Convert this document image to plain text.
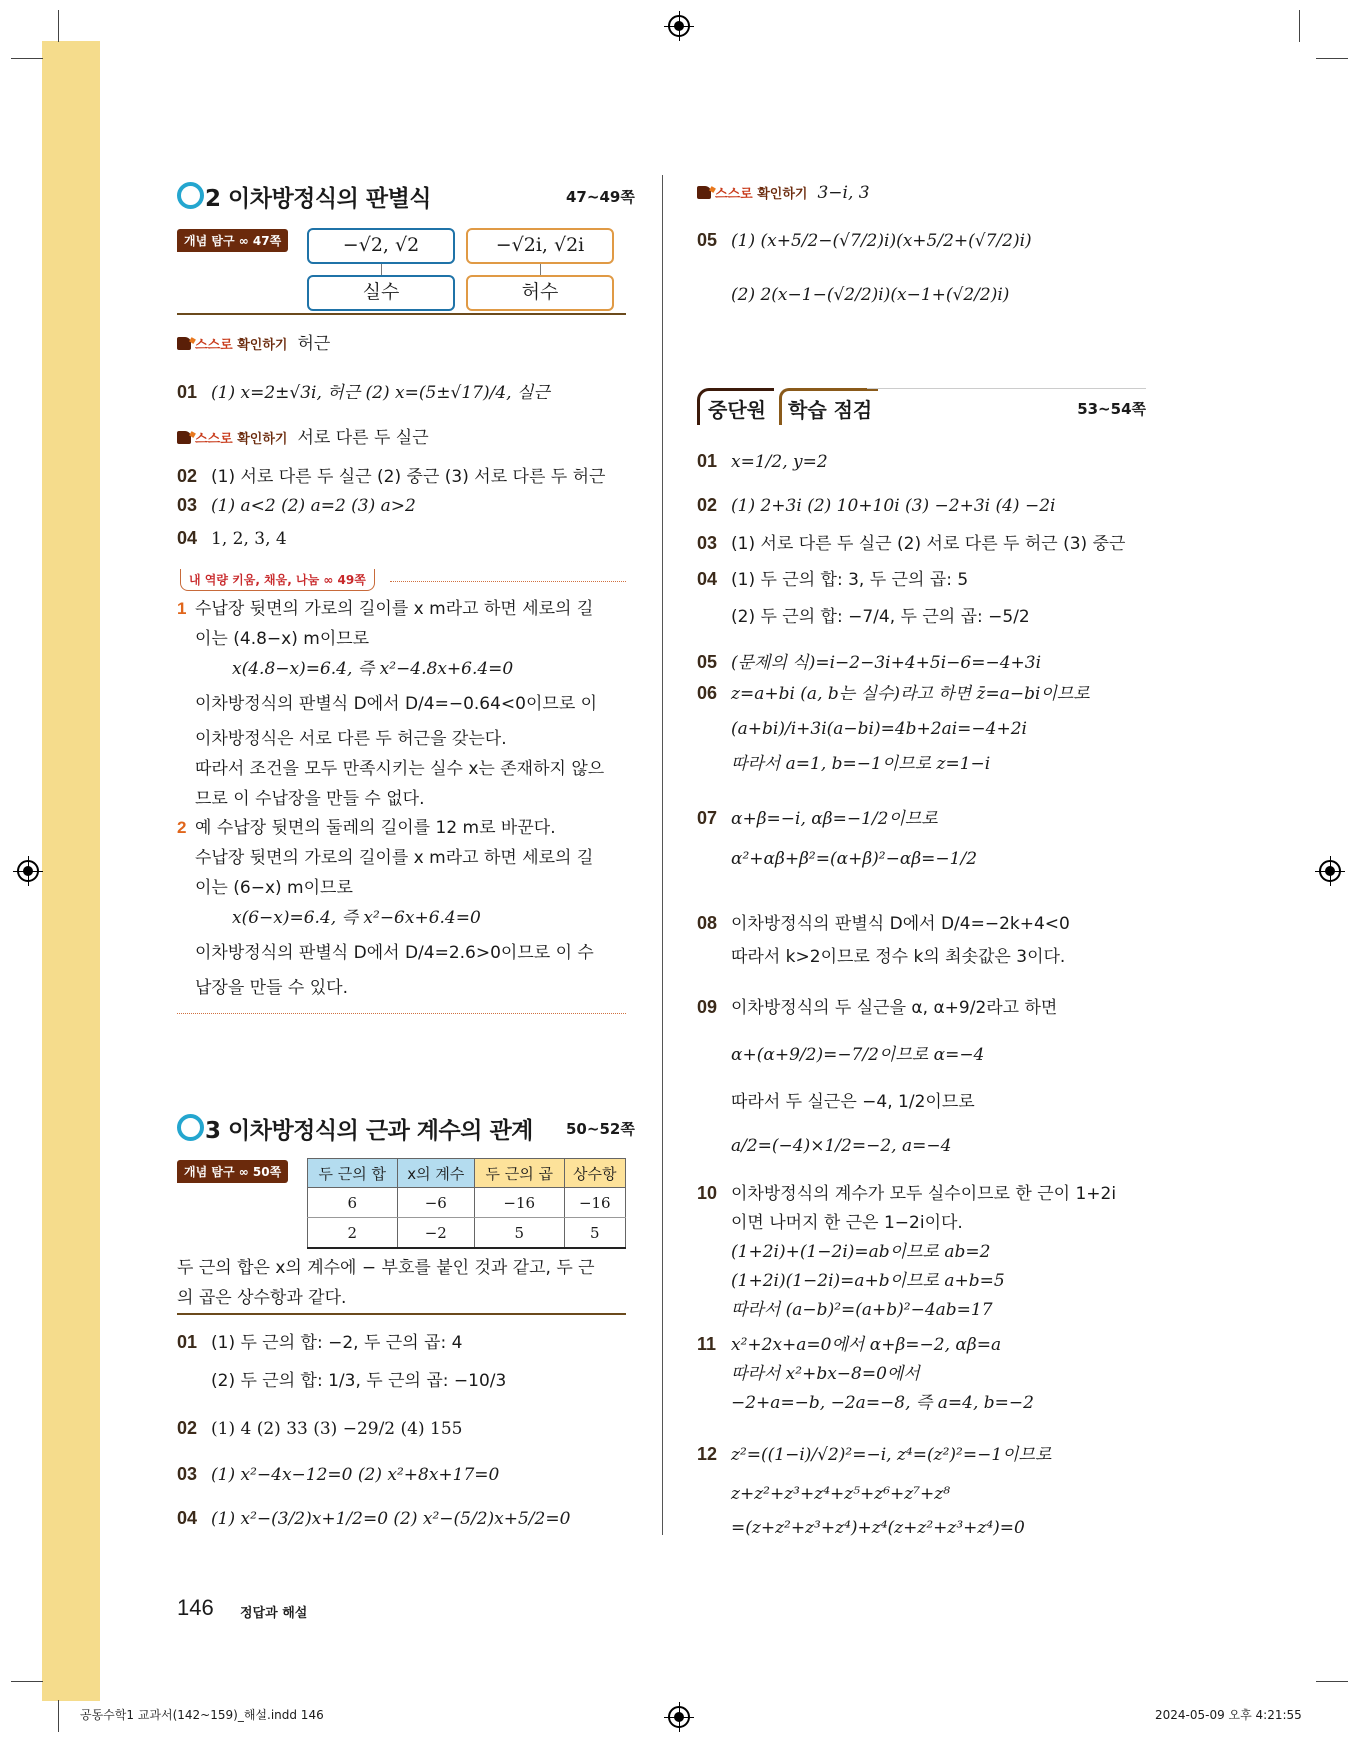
2 이차방정식의 판별식	47~49쪽
개념 탐구 ∞ 47쪽	−√2, √2	−√2i, √2i
실수	허수
스스로 확인하기 허근
01 (1) x=2±√3i, 허근 (2) x=(5±√17)/4, 실근
스스로 확인하기 서로 다른 두 실근
02 (1) 서로 다른 두 실근 (2) 중근 (3) 서로 다른 두 허근
03 (1) a<2 (2) a=2 (3) a>2
04 1, 2, 3, 4
내 역량 키움, 채움, 나눔 ∞ 49쪽
1 수납장 뒷면의 가로의 길이를 x m라고 하면 세로의 길
이는 (4.8−x) m이므로
x(4.8−x)=6.4, 즉 x²−4.8x+6.4=0
이차방정식의 판별식 D에서 D/4=−0.64<0이므로 이
이차방정식은 서로 다른 두 허근을 갖는다.
따라서 조건을 모두 만족시키는 실수 x는 존재하지 않으
므로 이 수납장을 만들 수 없다.
2 예 수납장 뒷면의 둘레의 길이를 12 m로 바꾼다.
수납장 뒷면의 가로의 길이를 x m라고 하면 세로의 길
이는 (6−x) m이므로
x(6−x)=6.4, 즉 x²−6x+6.4=0
이차방정식의 판별식 D에서 D/4=2.6>0이므로 이 수
납장을 만들 수 있다.
3 이차방정식의 근과 계수의 관계 50~52쪽
개념 탐구 ∞ 50쪽	두 근의 합	x의 계수	두 근의 곱	상수항
6	−6	−16	−16
2	−2	5	5
두 근의 합은 x의 계수에 − 부호를 붙인 것과 같고, 두 근
의 곱은 상수항과 같다.
01 (1) 두 근의 합: −2, 두 근의 곱: 4
(2) 두 근의 합: 1/3, 두 근의 곱: −10/3
02 (1) 4 (2) 33 (3) −29/2 (4) 155
03 (1) x²−4x−12=0 (2) x²+8x+17=0
04 (1) x²−(3/2)x+1/2=0 (2) x²−(5/2)x+5/2=0
스스로 확인하기 3−i, 3
05 (1) (x+5/2−(√7/2)i)(x+5/2+(√7/2)i)
(2) 2(x−1−(√2/2)i)(x−1+(√2/2)i)
중단원	학습 점검	53~54쪽
01 x=1/2, y=2
02 (1) 2+3i (2) 10+10i (3) −2+3i (4) −2i
03 (1) 서로 다른 두 실근 (2) 서로 다른 두 허근 (3) 중근
04 (1) 두 근의 합: 3, 두 근의 곱: 5
(2) 두 근의 합: −7/4, 두 근의 곱: −5/2
05 (문제의 식)=i−2−3i+4+5i−6=−4+3i
06 z=a+bi (a, b는 실수)라고 하면 z̄=a−bi이므로
(a+bi)/i+3i(a−bi)=4b+2ai=−4+2i
따라서 a=1, b=−1이므로 z=1−i
07 α+β=−i, αβ=−1/2이므로
α²+αβ+β²=(α+β)²−αβ=−1/2
08 이차방정식의 판별식 D에서 D/4=−2k+4<0
따라서 k>2이므로 정수 k의 최솟값은 3이다.
09 이차방정식의 두 실근을 α, α+9/2라고 하면
α+(α+9/2)=−7/2이므로 α=−4
따라서 두 실근은 −4, 1/2이므로
a/2=(−4)×1/2=−2, a=−4
10 이차방정식의 계수가 모두 실수이므로 한 근이 1+2i
이면 나머지 한 근은 1−2i이다.
(1+2i)+(1−2i)=ab이므로 ab=2
(1+2i)(1−2i)=a+b이므로 a+b=5
따라서 (a−b)²=(a+b)²−4ab=17
11 x²+2x+a=0에서 α+β=−2, αβ=a
따라서 x²+bx−8=0에서
−2+a=−b, −2a=−8, 즉 a=4, b=−2
12 z²=((1−i)/√2)²=−i, z⁴=(z²)²=−1이므로
z+z²+z³+z⁴+z⁵+z⁶+z⁷+z⁸
=(z+z²+z³+z⁴)+z⁴(z+z²+z³+z⁴)=0
146 정답과 해설
공동수학1 교과서(142~159)_해설.indd 146	2024-05-09 오후 4:21:55
